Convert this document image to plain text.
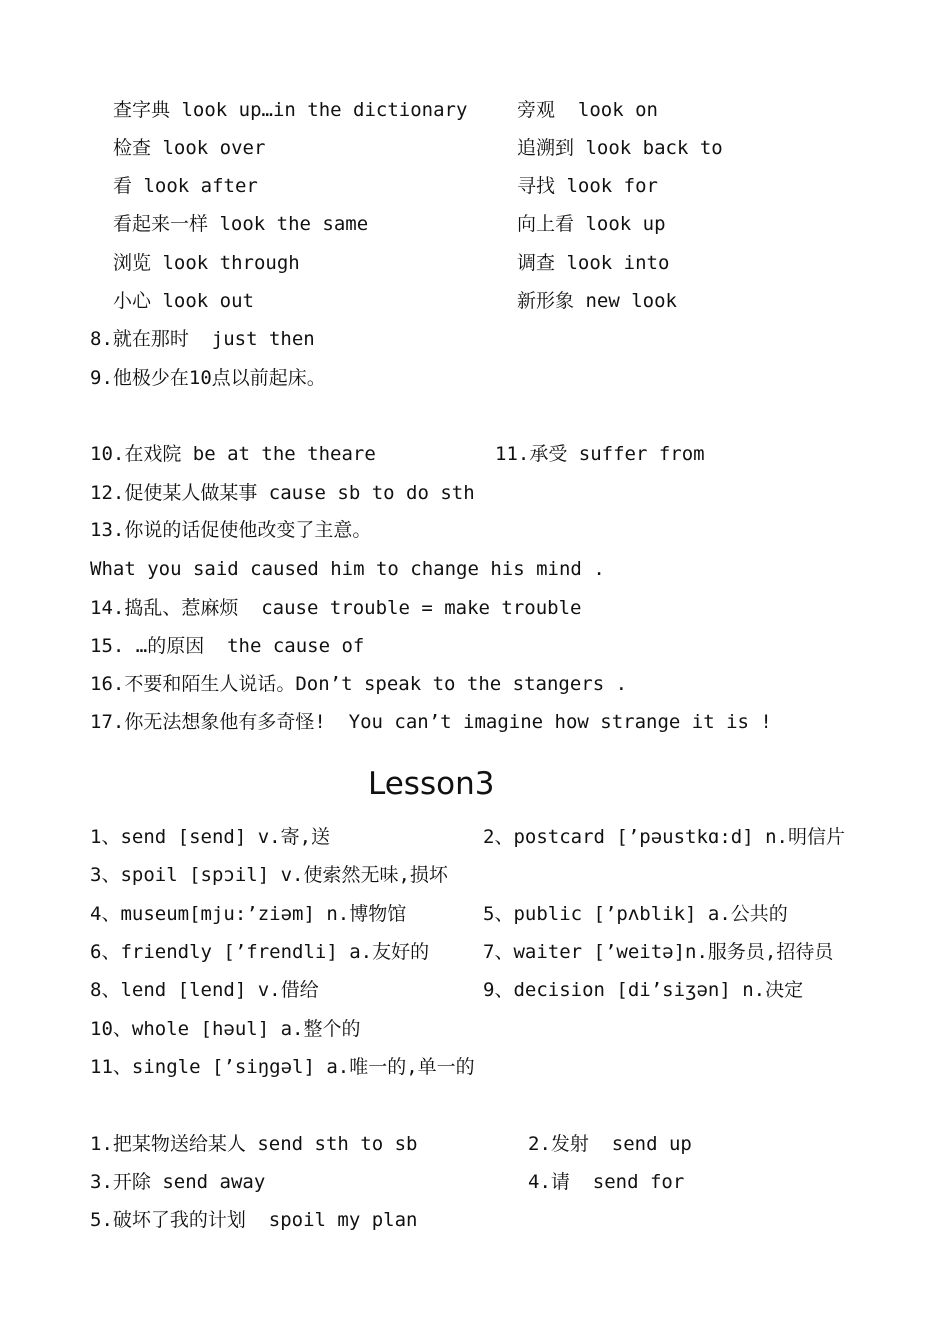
查字典 look up…in the dictionary	旁观  look on
检查 look over	追溯到 look back to
看 look after	寻找 look for
看起来一样 look the same	向上看 look up
浏览 look through	调查 look into
小心 look out	新形象 new look
8.就在那时  just then
9.他极少在10点以前起床。
10.在戏院 be at the theare	11.承受 suffer from
12.促使某人做某事 cause sb to do sth
13.你说的话促使他改变了主意。
What you said caused him to change his mind .
14.捣乱、惹麻烦  cause trouble = make trouble
15. …的原因  the cause of
16.不要和陌生人说话。Don’t speak to the stangers .
17.你无法想象他有多奇怪!  You can’t imagine how strange it is !
Lesson3
1、send [send] v.寄,送	2、postcard [’pəustkɑ:d] n.明信片
3、spoil [spɔil] v.使索然无味,损坏
4、museum[mju:’ziəm] n.博物馆	5、public [’pʌblik] a.公共的
6、friendly [’frendli] a.友好的	7、waiter [’weitə]n.服务员,招待员
8、lend [lend] v.借给	9、decision [di’siʒən] n.决定
10、whole [həul] a.整个的
11、single [’siŋgəl] a.唯一的,单一的
1.把某物送给某人 send sth to sb	2.发射  send up
3.开除 send away	4.请  send for
5.破坏了我的计划  spoil my plan
